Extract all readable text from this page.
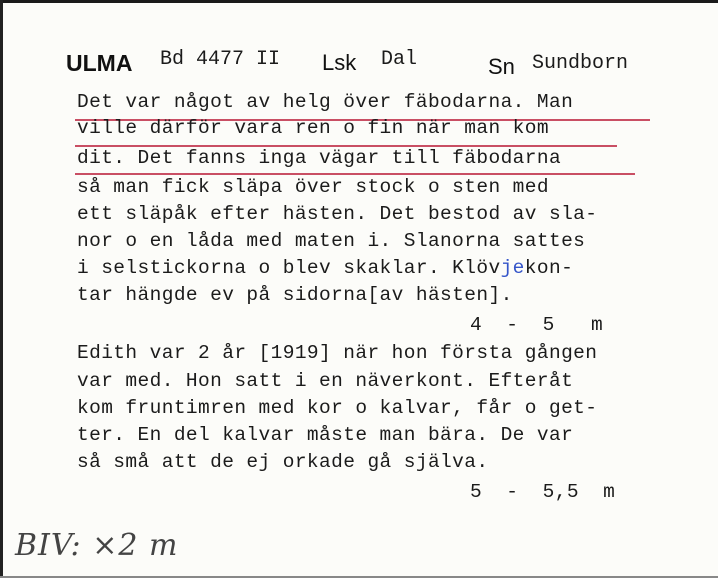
ULMA Bd 4477 II Lsk Dal	Sn Sundborn
Det var något av helg över fäbodarna. Man
ville därför vara ren o fin när man kom
dit. Det fanns inga vägar till fäbodarna
så man fick släpa över stock o sten med
ett släpåk efter hästen. Det bestod av sla-
nor o en låda med maten i. Slanorna sattes
i selstickorna o blev skaklar. Klövjekon-
tar hängde ev på sidorna[av hästen].
4  -  5   m
Edith var 2 år [1919] när hon första gången
var med. Hon satt i en näverkont. Efteråt
kom fruntimren med kor o kalvar, får o get-
ter. En del kalvar måste man bära. De var
så små att de ej orkade gå själva.
5  -  5,5  m
BIV: ×2 m
